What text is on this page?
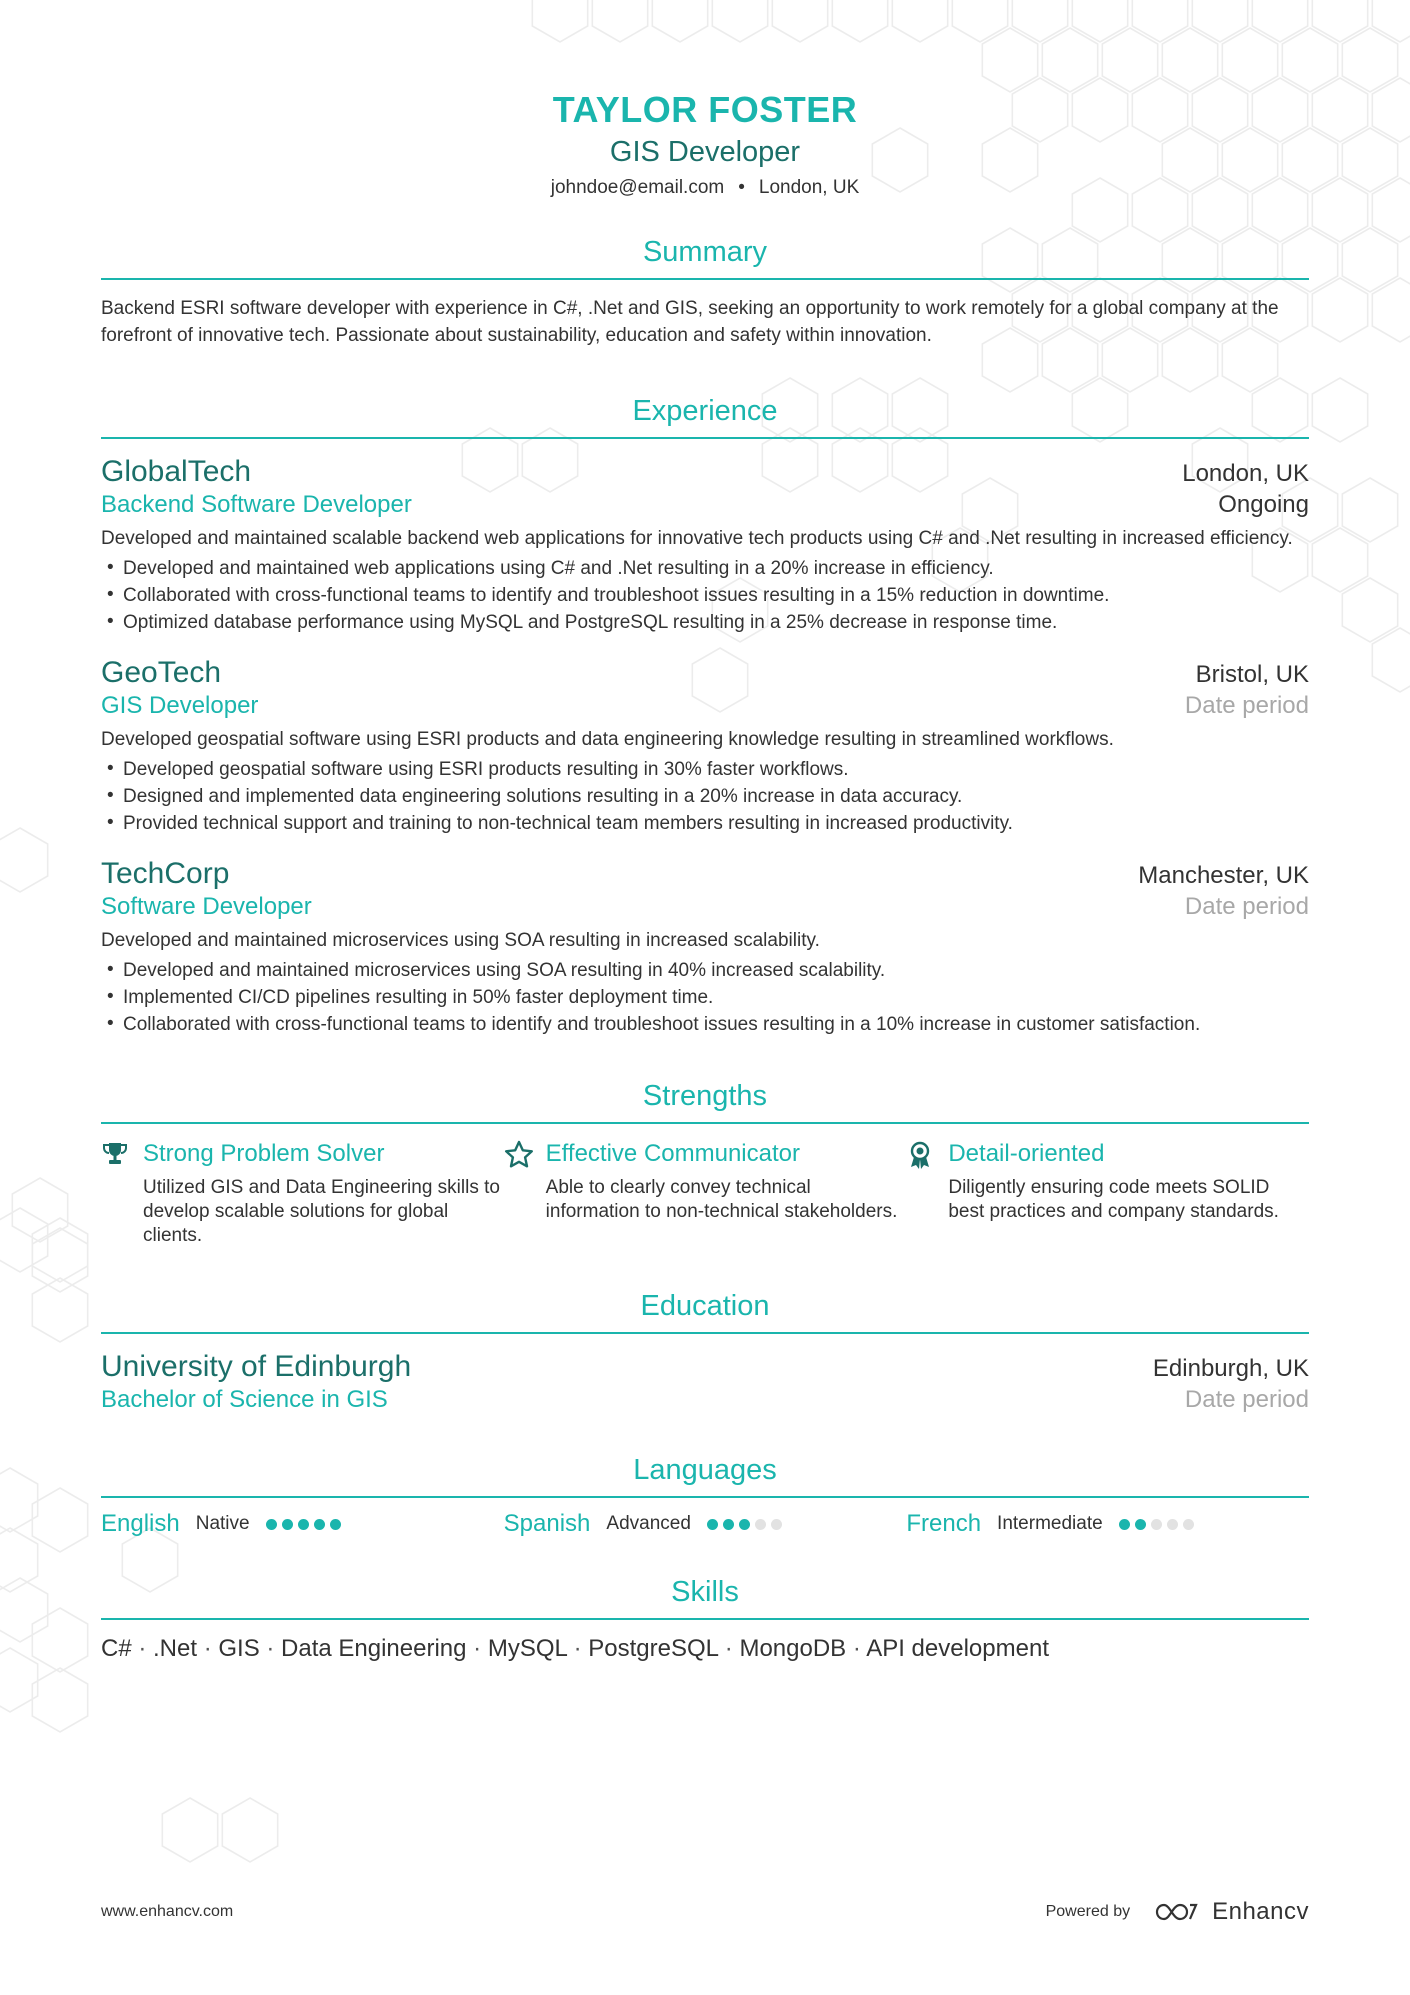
TAYLOR FOSTER
GIS Developer
johndoe@email.com • London, UK
Summary
Backend ESRI software developer with experience in C#, .Net and GIS, seeking an opportunity to work remotely for a global company at the forefront of innovative tech. Passionate about sustainability, education and safety within innovation.
Experience
GlobalTech	London, UK
Backend Software Developer	Ongoing
Developed and maintained scalable backend web applications for innovative tech products using C# and .Net resulting in increased efficiency.
• Developed and maintained web applications using C# and .Net resulting in a 20% increase in efficiency.
• Collaborated with cross-functional teams to identify and troubleshoot issues resulting in a 15% reduction in downtime.
• Optimized database performance using MySQL and PostgreSQL resulting in a 25% decrease in response time.
GeoTech	Bristol, UK
GIS Developer	Date period
Developed geospatial software using ESRI products and data engineering knowledge resulting in streamlined workflows.
• Developed geospatial software using ESRI products resulting in 30% faster workflows.
• Designed and implemented data engineering solutions resulting in a 20% increase in data accuracy.
• Provided technical support and training to non-technical team members resulting in increased productivity.
TechCorp	Manchester, UK
Software Developer	Date period
Developed and maintained microservices using SOA resulting in increased scalability.
• Developed and maintained microservices using SOA resulting in 40% increased scalability.
• Implemented CI/CD pipelines resulting in 50% faster deployment time.
• Collaborated with cross-functional teams to identify and troubleshoot issues resulting in a 10% increase in customer satisfaction.
Strengths
Strong Problem Solver
Utilized GIS and Data Engineering skills to develop scalable solutions for global clients.
Effective Communicator
Able to clearly convey technical information to non-technical stakeholders.
Detail-oriented
Diligently ensuring code meets SOLID best practices and company standards.
Education
University of Edinburgh	Edinburgh, UK
Bachelor of Science in GIS	Date period
Languages
English Native	Spanish Advanced	French Intermediate
Skills
C# · .Net · GIS · Data Engineering · MySQL · PostgreSQL · MongoDB · API development
www.enhancv.com	Powered by	Enhancv
